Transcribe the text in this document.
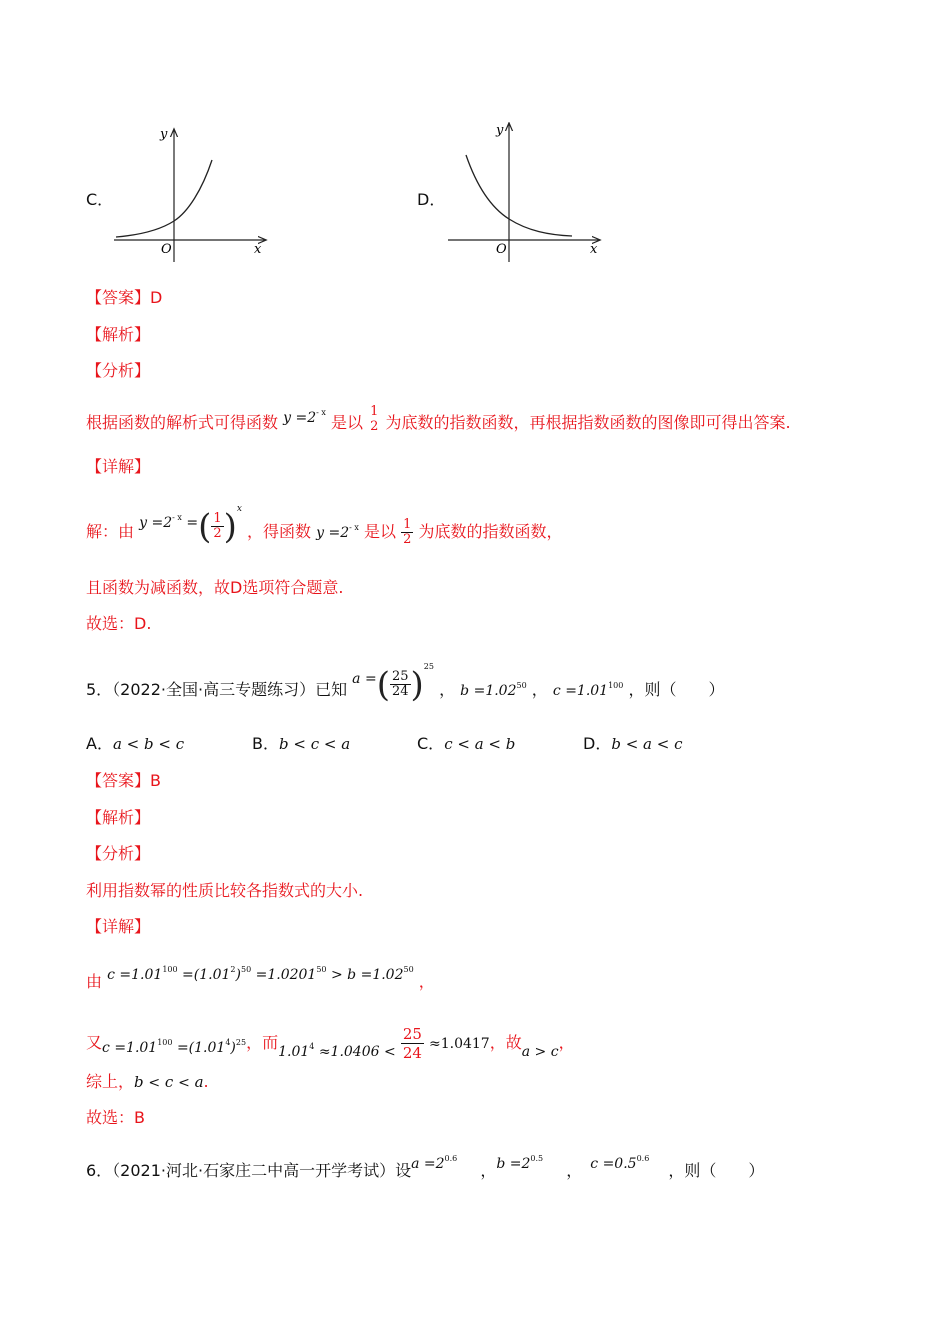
C．
y
x
O
D．
y
x
O
【答案】D
【解析】
【分析】
根据函数的解析式可得函数 $y =2^{- x}$ 是以 $\frac{1}{2}$ 为底数的指数函数，再根据指数函数的图像即可得出答案.
【详解】
解：由 $y =2^{- x}$ =( $\frac{1}{2} )^x$ ，得函数 $y =2^{- x}$ 是以 $\frac{1}{2}$ 为底数的指数函数，
且函数为减函数，故D选项符合题意.
故选：D.
5．（2022·全国·高三专题练习）已知 a =( $\frac{25}{24} )^{25}$ ， $b =1.02^{50}$ ， $c =1.01^{100}$ ，则（　　）
A．a < b < c	B．b < c < a	C．c < a < b	D．b < a < c
【答案】B
【解析】
【分析】
利用指数幂的性质比较各指数式的大小.
【详解】
由 $c =1.01^{100} =(1.01^2)^{50} =1.0201^{50} > b =1.02^{50}$ ，
又$c =1.01^{100} =(1.01^4)^{25}$，而$1.01^4 \approx 1.0406 < \frac{25}{24} \approx 1.0417$，故a > c，
综上，b < c < a.
故选：B
6．（2021·河北·石家庄二中高一开学考试）设$a =2^{0.6}$ ，$b =2^{0.5}$ ， $c =0.5^{0.6}$ ，则（　　）
